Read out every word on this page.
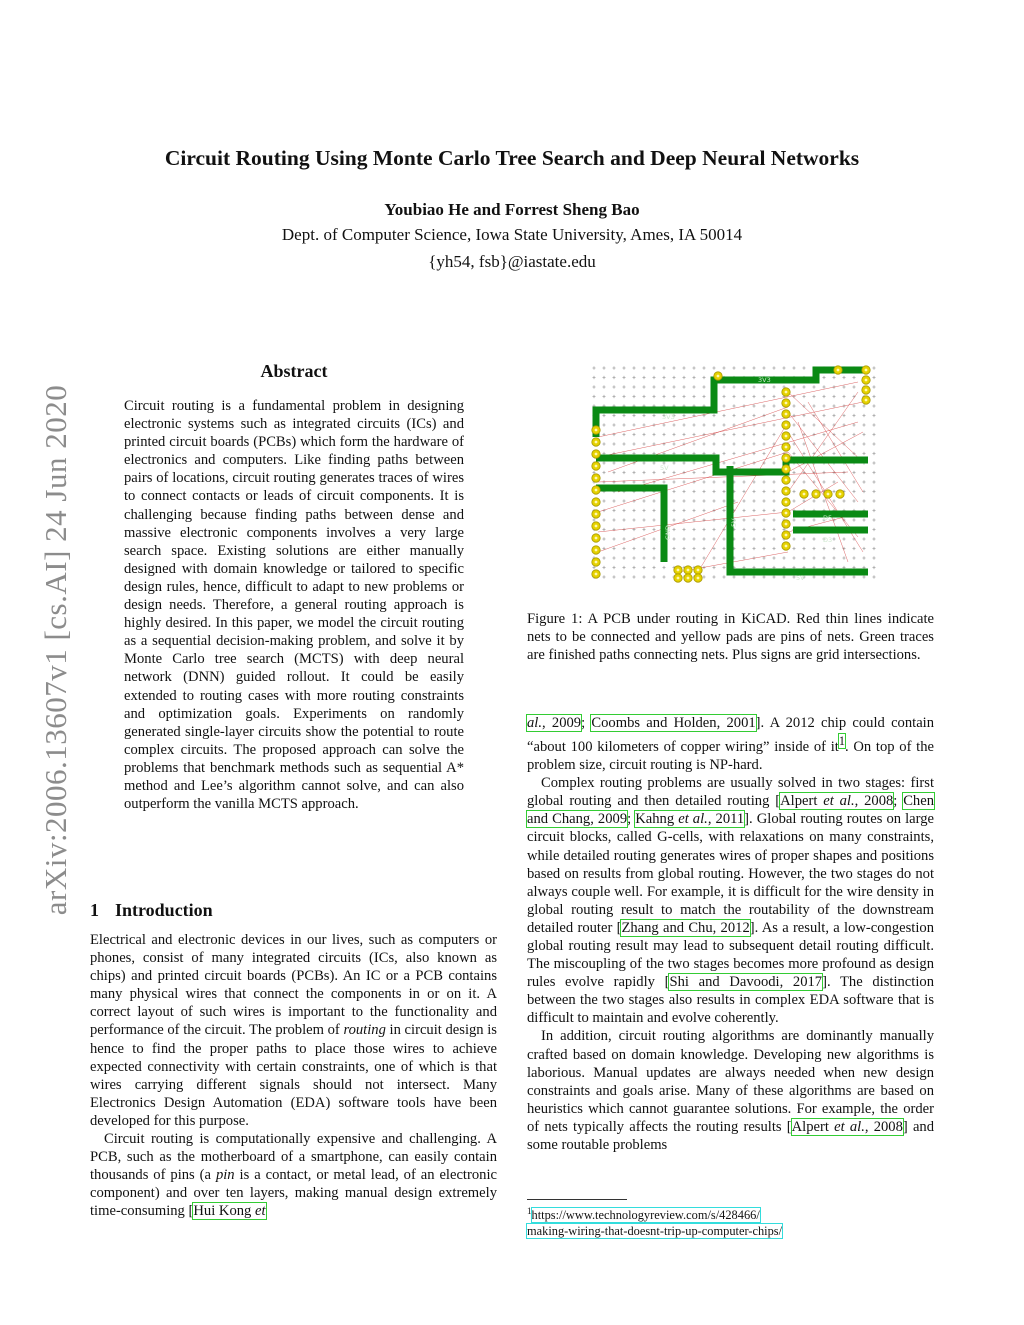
Circuit Routing Using Monte Carlo Tree Search and Deep Neural Networks
Youbiao He and Forrest Sheng Bao
Dept. of Computer Science, Iowa State University, Ames, IA 50014
{yh54, fsb}@iastate.edu
arXiv:2006.13607v1 [cs.AI] 24 Jun 2020
Abstract
Circuit routing is a fundamental problem in designing electronic systems such as integrated circuits (ICs) and printed circuit boards (PCBs) which form the hardware of electronics and computers. Like finding paths between pairs of locations, circuit routing generates traces of wires to connect contacts or leads of circuit components. It is challenging because finding paths between dense and massive electronic components involves a very large search space. Existing solutions are either manually designed with domain knowledge or tailored to specific design rules, hence, difficult to adapt to new problems or design needs. Therefore, a general routing approach is highly desired. In this paper, we model the circuit routing as a sequential decision-making problem, and solve it by Monte Carlo tree search (MCTS) with deep neural network (DNN) guided rollout. It could be easily extended to routing cases with more routing constraints and optimization goals. Experiments on randomly generated single-layer circuits show the potential to route complex circuits. The proposed approach can solve the problems that benchmark methods such as sequential A* method and Lee’s algorithm cannot solve, and can also outperform the vanilla MCTS approach.
1 Introduction
Electrical and electronic devices in our lives, such as computers or phones, consist of many integrated circuits (ICs, also known as chips) and printed circuit boards (PCBs). An IC or a PCB contains many physical wires that connect the components in or on it. A correct layout of such wires is important to the functionality and performance of the circuit. The problem of routing in circuit design is hence to find the proper paths to place those wires to achieve expected connectivity with certain constraints, one of which is that wires carrying different signals should not intersect. Many Electronics Design Automation (EDA) software tools have been developed for this purpose.
Circuit routing is computationally expensive and challenging. A PCB, such as the motherboard of a smartphone, can easily contain thousands of pins (a pin is a contact, or metal lead, of an electronic component) and over ten layers, making manual design extremely time-consuming [Hui Kong et
3V3
3V3
5V
5V
5V
GND
D5
D3
Figure 1: A PCB under routing in KiCAD. Red thin lines indicate nets to be connected and yellow pads are pins of nets. Green traces are finished paths connecting nets. Plus signs are grid intersections.
al., 2009; Coombs and Holden, 2001]. A 2012 chip could contain “about 100 kilometers of copper wiring” inside of it$^1$. On top of the problem size, circuit routing is NP-hard.
Complex routing problems are usually solved in two stages: first global routing and then detailed routing [Alpert et al., 2008; Chen and Chang, 2009; Kahng et al., 2011]. Global routing routes on large circuit blocks, called G-cells, with relaxations on many constraints, while detailed routing generates wires of proper shapes and positions based on results from global routing. However, the two stages do not always couple well. For example, it is difficult for the wire density in global routing result to match the routability of the downstream detailed router [Zhang and Chu, 2012]. As a result, a low-congestion global routing result may lead to subsequent detail routing difficult. The miscoupling of the two stages becomes more profound as design rules evolve rapidly [Shi and Davoodi, 2017]. The distinction between the two stages also results in complex EDA software that is difficult to maintain and evolve coherently.
In addition, circuit routing algorithms are dominantly manually crafted based on domain knowledge. Developing new algorithms is laborious. Manual updates are always needed when new design constraints and goals arise. Many of these algorithms are based on heuristics which cannot guarantee solutions. For example, the order of nets typically affects the routing results [Alpert et al., 2008] and some routable problems
$^1$https://www.technologyreview.com/s/428466/
making-wiring-that-doesnt-trip-up-computer-chips/
